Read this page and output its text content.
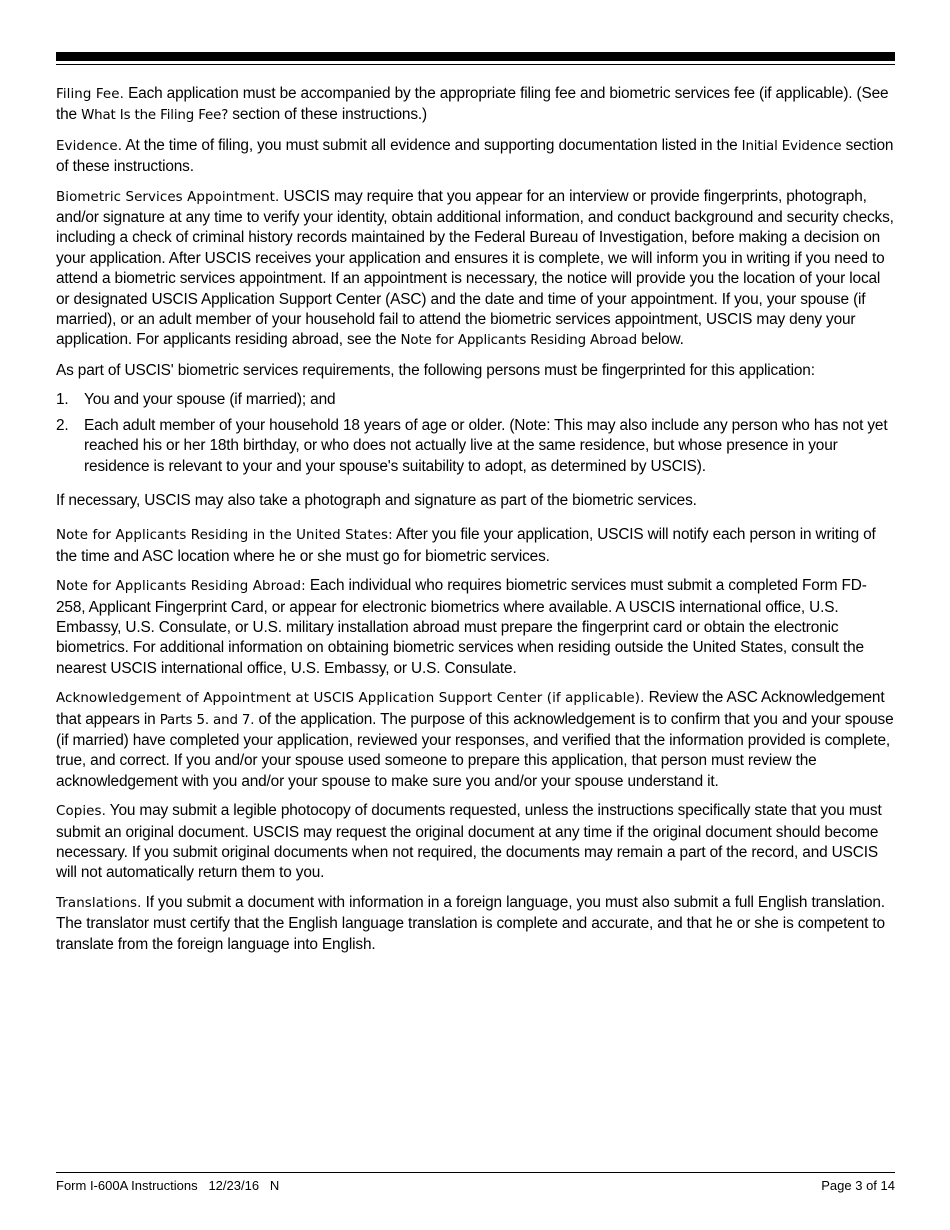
Filing Fee. Each application must be accompanied by the appropriate filing fee and biometric services fee (if applicable). (See the What Is the Filing Fee? section of these instructions.)

Evidence. At the time of filing, you must submit all evidence and supporting documentation listed in the Initial Evidence section of these instructions.

Biometric Services Appointment. USCIS may require that you appear for an interview or provide fingerprints, photograph, and/or signature at any time to verify your identity, obtain additional information, and conduct background and security checks, including a check of criminal history records maintained by the Federal Bureau of Investigation, before making a decision on your application. After USCIS receives your application and ensures it is complete, we will inform you in writing if you need to attend a biometric services appointment. If an appointment is necessary, the notice will provide you the location of your local or designated USCIS Application Support Center (ASC) and the date and time of your appointment. If you, your spouse (if married), or an adult member of your household fail to attend the biometric services appointment, USCIS may deny your application. For applicants residing abroad, see the Note for Applicants Residing Abroad below.

As part of USCIS' biometric services requirements, the following persons must be fingerprinted for this application:

1.	You and your spouse (if married); and
2.	Each adult member of your household 18 years of age or older. (Note: This may also include any person who has not yet reached his or her 18th birthday, or who does not actually live at the same residence, but whose presence in your residence is relevant to your and your spouse's suitability to adopt, as determined by USCIS).

If necessary, USCIS may also take a photograph and signature as part of the biometric services.

Note for Applicants Residing in the United States: After you file your application, USCIS will notify each person in writing of the time and ASC location where he or she must go for biometric services.

Note for Applicants Residing Abroad: Each individual who requires biometric services must submit a completed Form FD-258, Applicant Fingerprint Card, or appear for electronic biometrics where available. A USCIS international office, U.S. Embassy, U.S. Consulate, or U.S. military installation abroad must prepare the fingerprint card or obtain the electronic biometrics. For additional information on obtaining biometric services when residing outside the United States, consult the nearest USCIS international office, U.S. Embassy, or U.S. Consulate.

Acknowledgement of Appointment at USCIS Application Support Center (if applicable). Review the ASC Acknowledgement that appears in Parts 5. and 7. of the application. The purpose of this acknowledgement is to confirm that you and your spouse (if married) have completed your application, reviewed your responses, and verified that the information provided is complete, true, and correct. If you and/or your spouse used someone to prepare this application, that person must review the acknowledgement with you and/or your spouse to make sure you and/or your spouse understand it.

Copies. You may submit a legible photocopy of documents requested, unless the instructions specifically state that you must submit an original document. USCIS may request the original document at any time if the original document should become necessary. If you submit original documents when not required, the documents may remain a part of the record, and USCIS will not automatically return them to you.

Translations. If you submit a document with information in a foreign language, you must also submit a full English translation. The translator must certify that the English language translation is complete and accurate, and that he or she is competent to translate from the foreign language into English.

Form I-600A Instructions   12/23/16   N	Page 3 of 14
